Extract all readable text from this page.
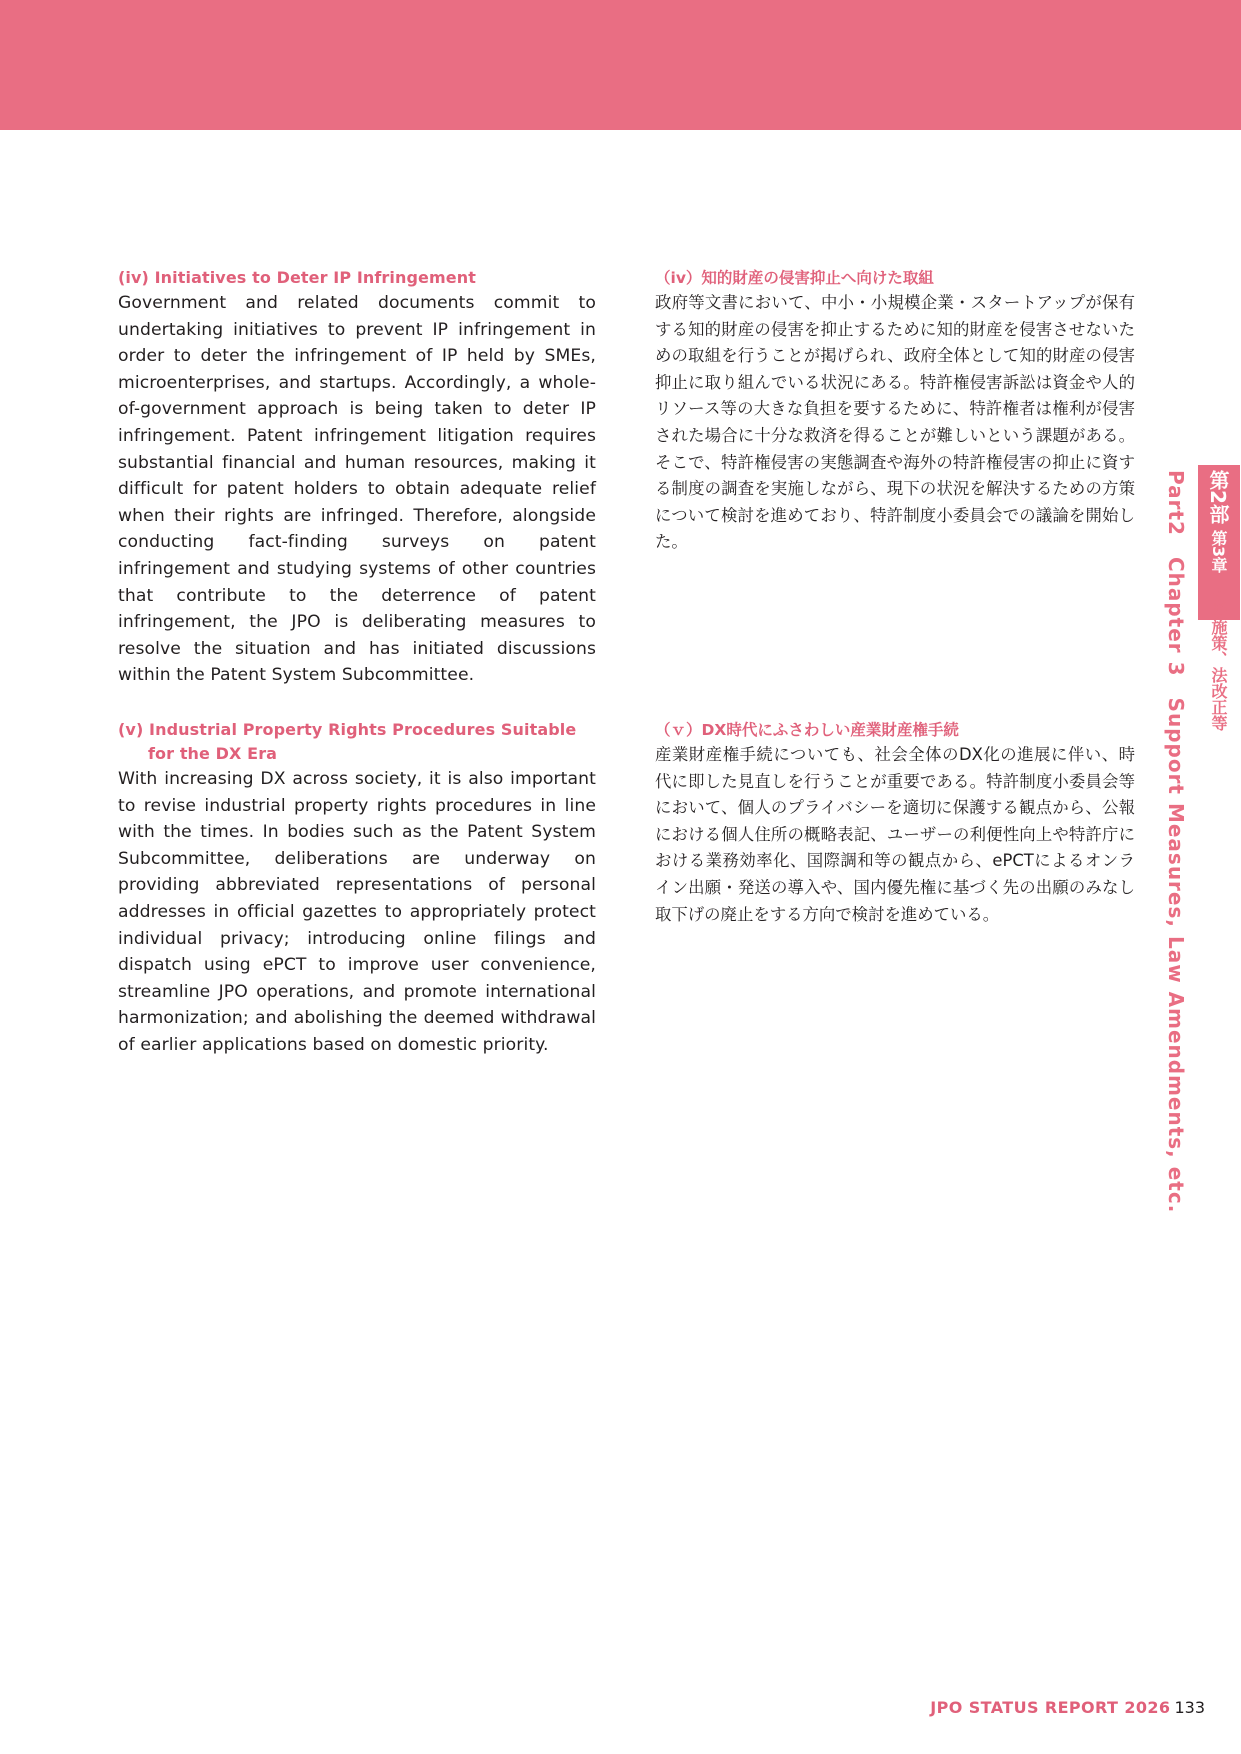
(iv) Initiatives to Deter IP Infringement

Government and related documents commit to undertaking initiatives to prevent IP infringement in order to deter the infringement of IP held by SMEs, microenterprises, and startups. Accordingly, a whole-of-government approach is being taken to deter IP infringement. Patent infringement litigation requires substantial financial and human resources, making it difficult for patent holders to obtain adequate relief when their rights are infringed. Therefore, alongside conducting fact-finding surveys on patent infringement and studying systems of other countries that contribute to the deterrence of patent infringement, the JPO is deliberating measures to resolve the situation and has initiated discussions within the Patent System Subcommittee.

(v) Industrial Property Rights Procedures Suitable for the DX Era

With increasing DX across society, it is also important to revise industrial property rights procedures in line with the times. In bodies such as the Patent System Subcommittee, deliberations are underway on providing abbreviated representations of personal addresses in official gazettes to appropriately protect individual privacy; introducing online filings and dispatch using ePCT to improve user convenience, streamline JPO operations, and promote international harmonization; and abolishing the deemed withdrawal of earlier applications based on domestic priority.

（iv）知的財産の侵害抑止へ向けた取組

政府等文書において、中小・小規模企業・スタートアップが保有する知的財産の侵害を抑止するために知的財産を侵害させないための取組を行うことが掲げられ、政府全体として知的財産の侵害抑止に取り組んでいる状況にある。特許権侵害訴訟は資金や人的リソース等の大きな負担を要するために、特許権者は権利が侵害された場合に十分な救済を得ることが難しいという課題がある。そこで、特許権侵害の実態調査や海外の特許権侵害の抑止に資する制度の調査を実施しながら、現下の状況を解決するための方策について検討を進めており、特許制度小委員会での議論を開始した。

（ｖ）DX時代にふさわしい産業財産権手続

産業財産権手続についても、社会全体のDX化の進展に伴い、時代に即した見直しを行うことが重要である。特許制度小委員会等において、個人のプライバシーを適切に保護する観点から、公報における個人住所の概略表記、ユーザーの利便性向上や特許庁における業務効率化、国際調和等の観点から、ePCTによるオンライン出願・発送の導入や、国内優先権に基づく先の出願のみなし取下げの廃止をする方向で検討を進めている。

第2部第3章支援施策、法改正等
Part2　Chapter 3　Support Measures, Law Amendments, etc.
JPO STATUS REPORT 2026 133
